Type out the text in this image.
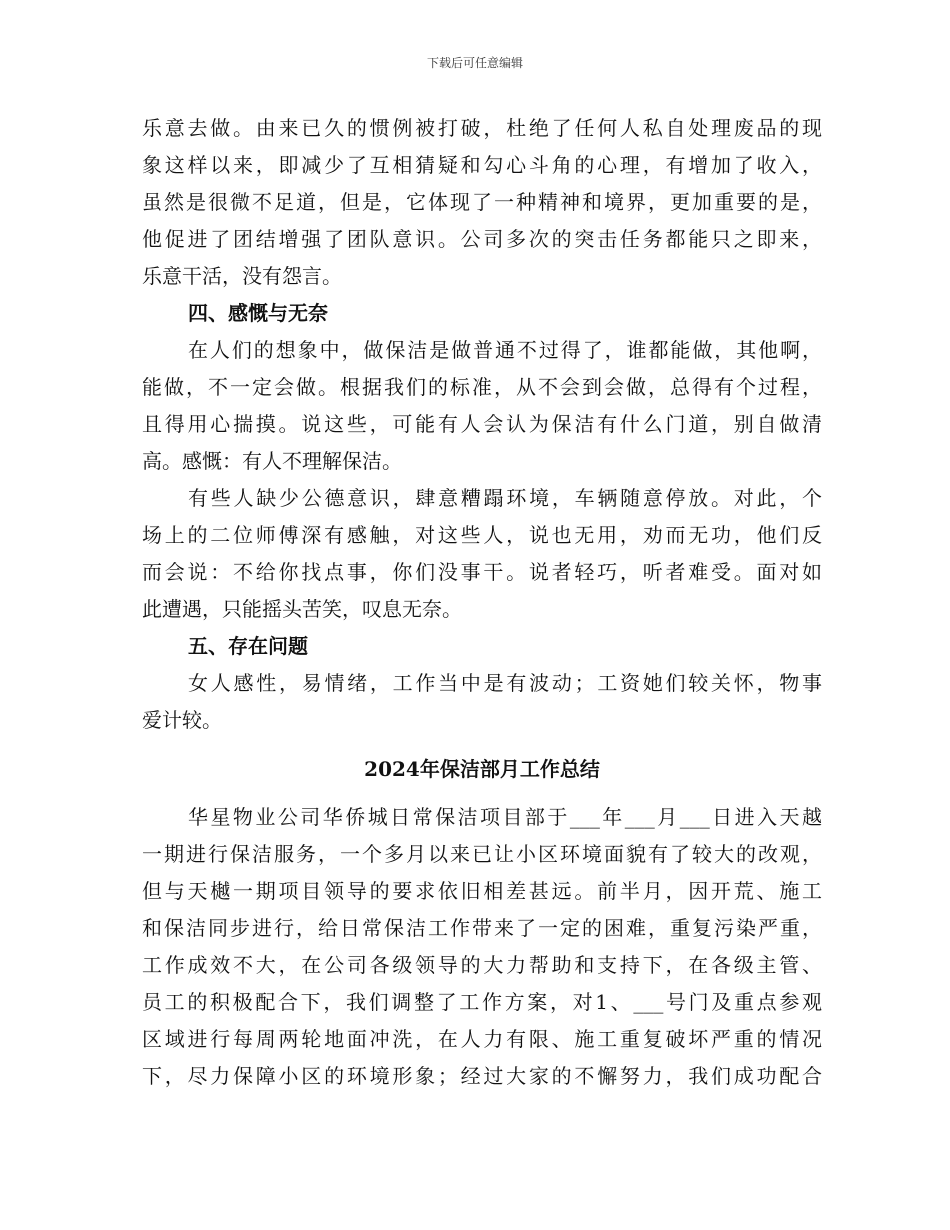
下载后可任意编辑
乐意去做。由来已久的惯例被打破，杜绝了任何人私自处理废品的现
象这样以来，即减少了互相猜疑和勾心斗角的心理，有增加了收入，
虽然是很微不足道，但是，它体现了一种精神和境界，更加重要的是，
他促进了团结增强了团队意识。公司多次的突击任务都能只之即来，
乐意干活，没有怨言。
四、感慨与无奈
在人们的想象中，做保洁是做普通不过得了，谁都能做，其他啊，
能做，不一定会做。根据我们的标准，从不会到会做，总得有个过程，
且得用心揣摸。说这些，可能有人会认为保洁有什么门道，别自做清
高。感慨：有人不理解保洁。
有些人缺少公德意识，肆意糟蹋环境，车辆随意停放。对此，个
场上的二位师傅深有感触，对这些人，说也无用，劝而无功，他们反
而会说：不给你找点事，你们没事干。说者轻巧，听者难受。面对如
此遭遇，只能摇头苦笑，叹息无奈。
五、存在问题
女人感性，易情绪，工作当中是有波动；工资她们较关怀，物事
爱计较。
2024年保洁部月工作总结
华星物业公司华侨城日常保洁项目部于___年___月___日进入天越
一期进行保洁服务，一个多月以来已让小区环境面貌有了较大的改观，
但与天樾一期项目领导的要求依旧相差甚远。前半月，因开荒、施工
和保洁同步进行，给日常保洁工作带来了一定的困难，重复污染严重，
工作成效不大，在公司各级领导的大力帮助和支持下，在各级主管、
员工的积极配合下，我们调整了工作方案，对1、___号门及重点参观
区域进行每周两轮地面冲洗，在人力有限、施工重复破坏严重的情况
下，尽力保障小区的环境形象；经过大家的不懈努力，我们成功配合
